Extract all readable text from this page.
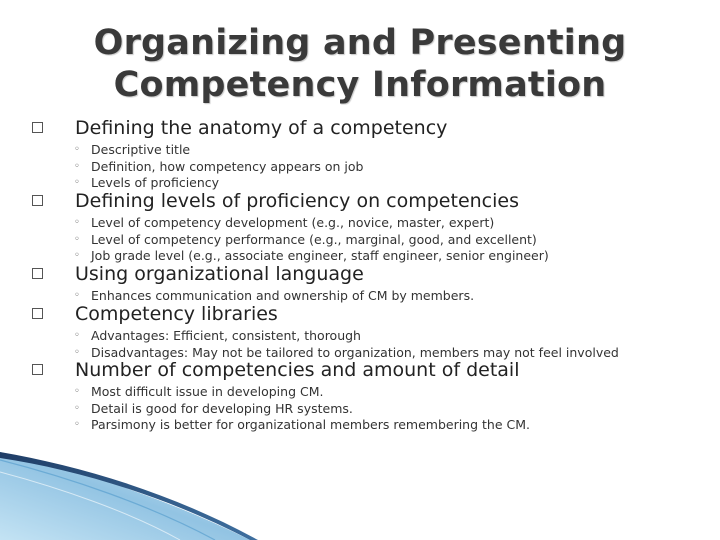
Organizing and Presenting
Competency Information
Defining the anatomy of a competency
◦ Descriptive title
◦ Definition, how competency appears on job
◦ Levels of proficiency
Defining levels of proficiency on competencies
◦ Level of competency development (e.g., novice, master, expert)
◦ Level of competency performance (e.g., marginal, good, and excellent)
◦ Job grade level (e.g., associate engineer, staff engineer, senior engineer)
Using organizational language
◦ Enhances communication and ownership of CM by members.
Competency libraries
◦ Advantages: Efficient, consistent, thorough
◦ Disadvantages: May not be tailored to organization, members may not feel involved
Number of competencies and amount of detail
◦ Most difficult issue in developing CM.
◦ Detail is good for developing HR systems.
◦ Parsimony is better for organizational members remembering the CM.
